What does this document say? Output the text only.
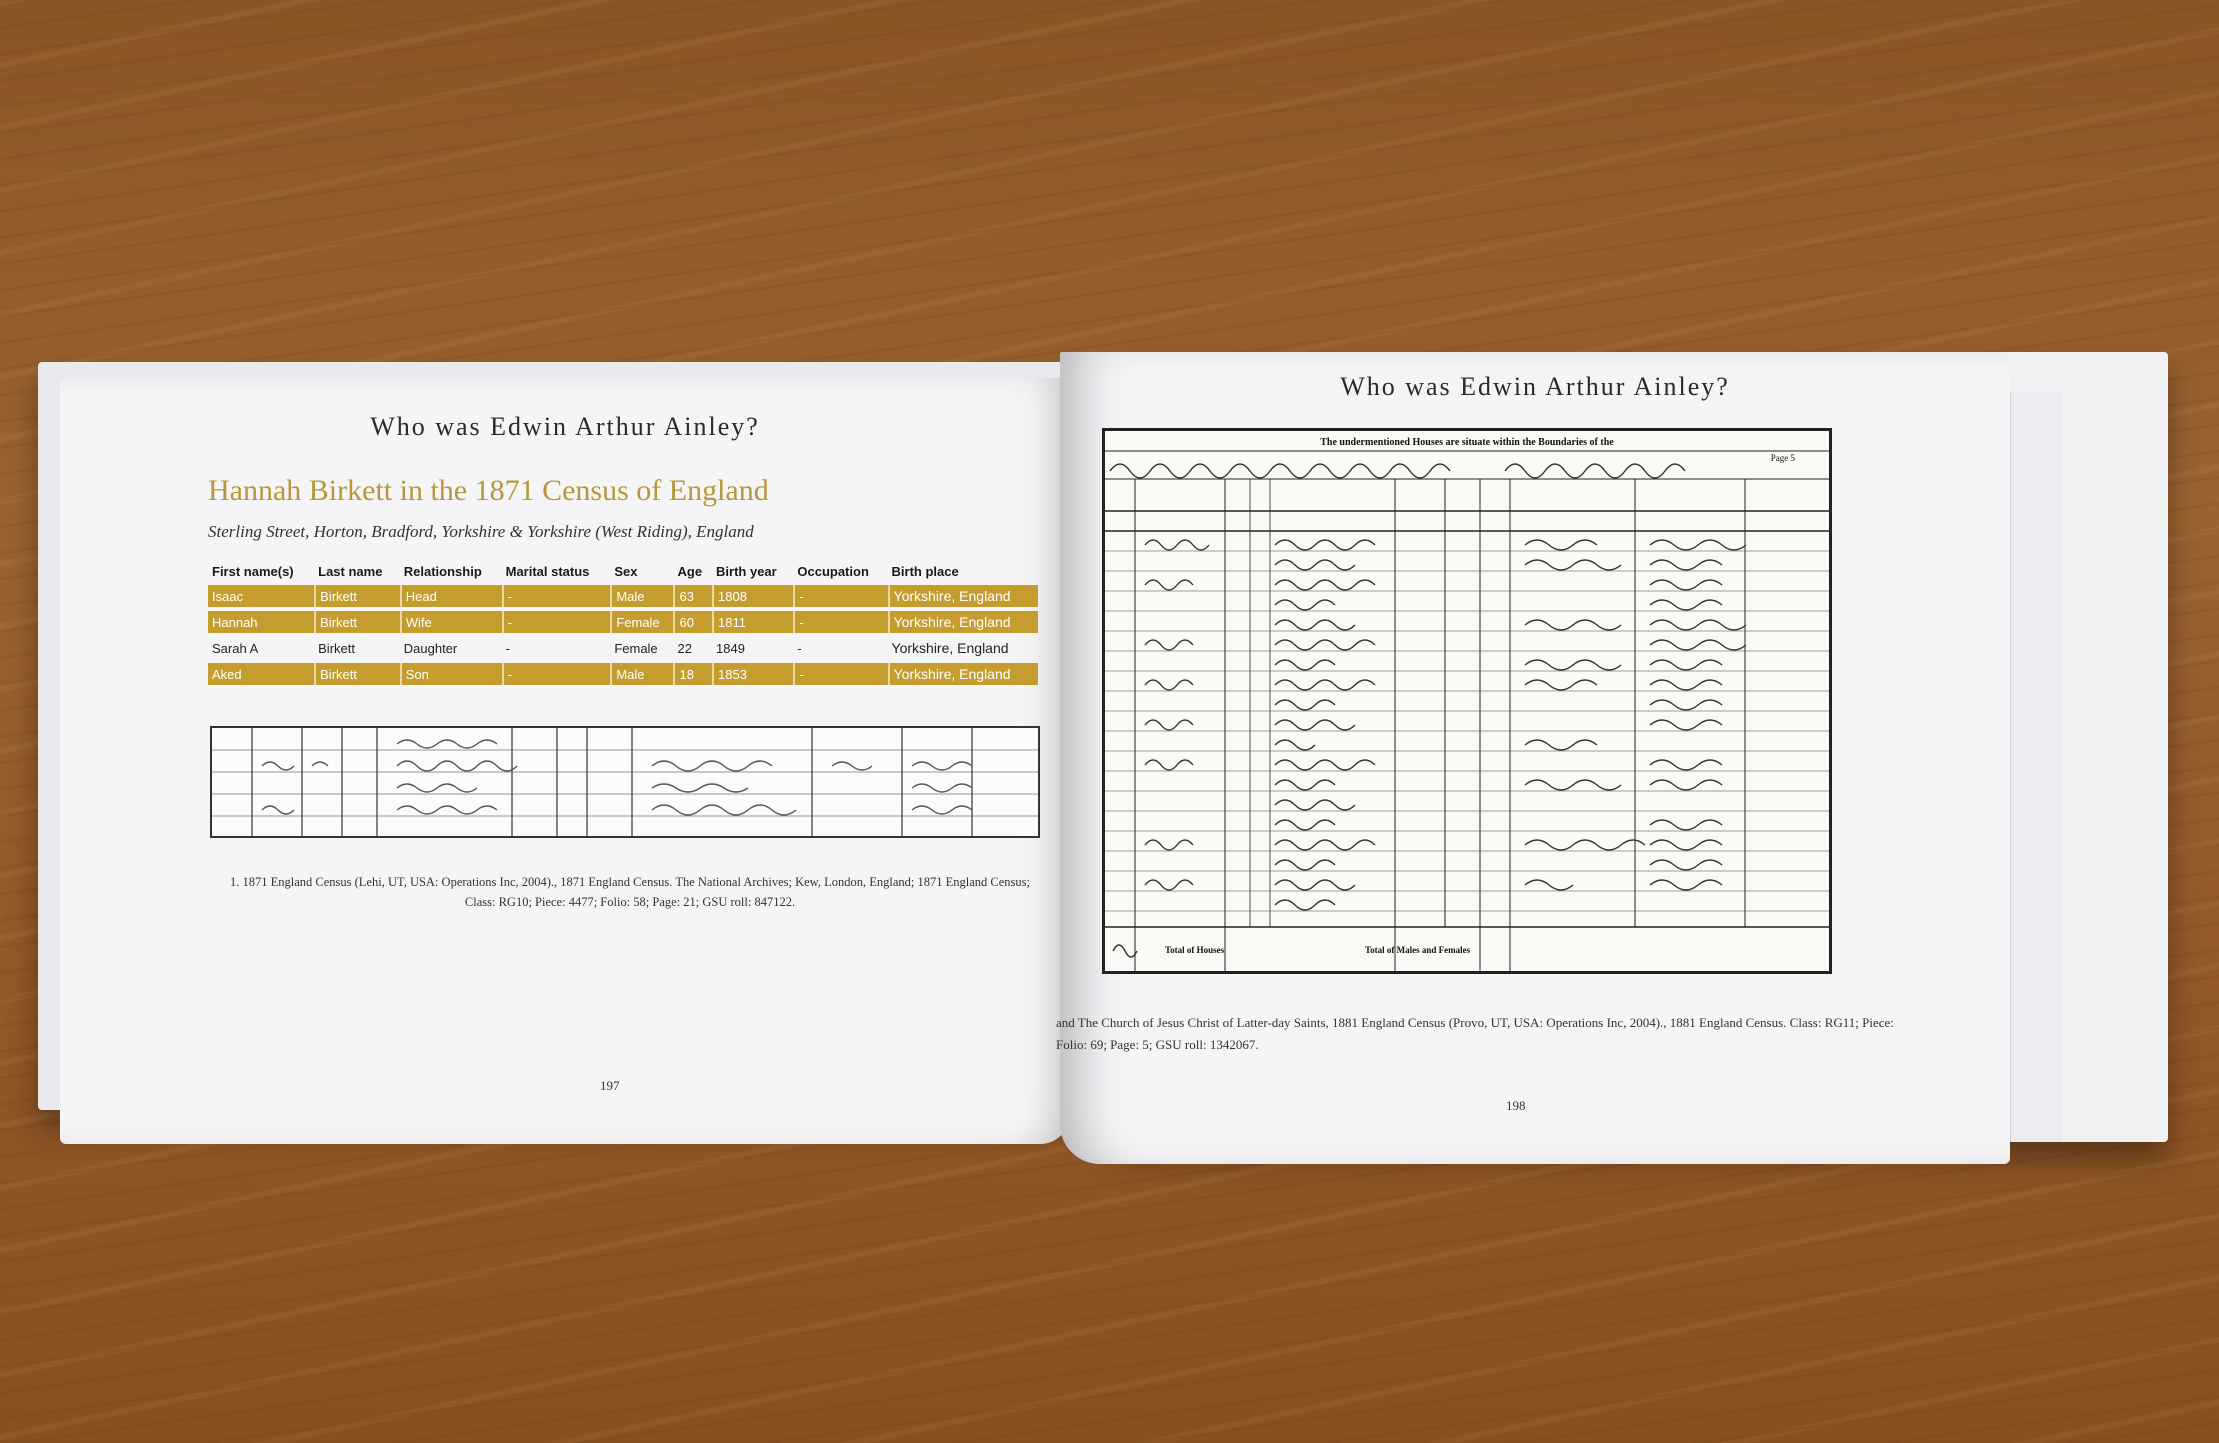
Who was Edwin Arthur Ainley?
Hannah Birkett in the 1871 Census of England
Sterling Street, Horton, Bradford, Yorkshire & Yorkshire (West Riding), England
First name(s)	Last name	Relationship	Marital status	Sex	Age	Birth year	Occupation	Birth place
Isaac	Birkett	Head	-	Male	63	1808	-	Yorkshire, England
Hannah	Birkett	Wife	-	Female	60	1811	-	Yorkshire, England
Sarah A	Birkett	Daughter	-	Female	22	1849	-	Yorkshire, England
Aked	Birkett	Son	-	Male	18	1853	-	Yorkshire, England
1. 1871 England Census (Lehi, UT, USA: Operations Inc, 2004)., 1871 England Census. The National Archives; Kew, London, England; 1871 England Census;
Class: RG10; Piece: 4477; Folio: 58; Page: 21; GSU roll: 847122.
197
Who was Edwin Arthur Ainley?
The undermentioned Houses are situate within the Boundaries of the
Page 5
Total of Houses	Total of Males and Females
and The Church of Jesus Christ of Latter-day Saints, 1881 England Census (Provo, UT, USA: Operations Inc, 2004)., 1881 England Census. Class: RG11; Piece:
Folio: 69; Page: 5; GSU roll: 1342067.
198
